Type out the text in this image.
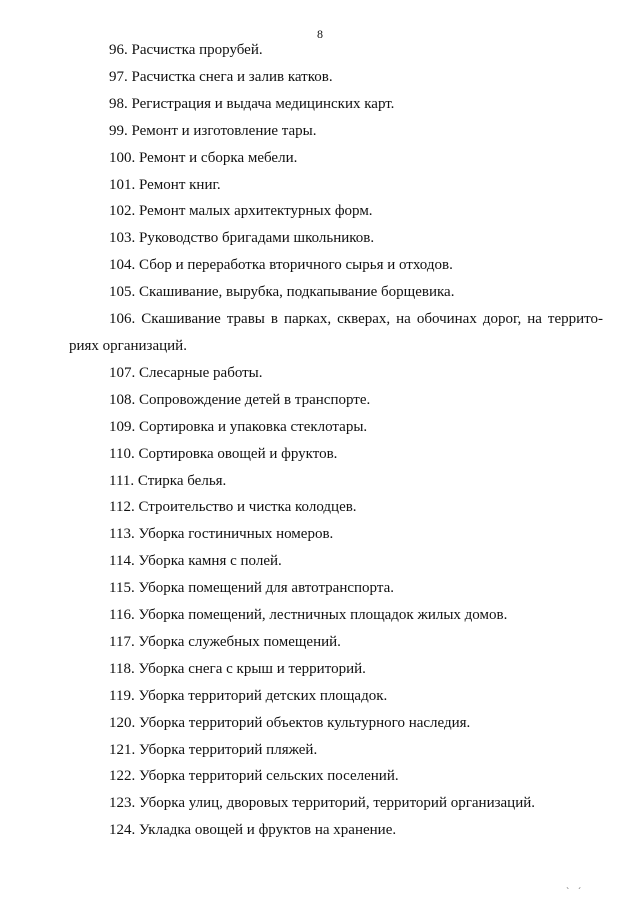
8
96. Расчистка прорубей.
97. Расчистка снега и залив катков.
98. Регистрация и выдача медицинских карт.
99. Ремонт и изготовление тары.
100. Ремонт и сборка мебели.
101. Ремонт книг.
102. Ремонт малых архитектурных форм.
103. Руководство бригадами школьников.
104. Сбор и переработка вторичного сырья и отходов.
105. Скашивание, вырубка, подкапывание борщевика.
106. Скашивание травы в парках, скверах, на обочинах дорог, на террито-риях организаций.
107. Слесарные работы.
108. Сопровождение детей в транспорте.
109. Сортировка и упаковка стеклотары.
110. Сортировка овощей и фруктов.
111. Стирка белья.
112. Строительство и чистка колодцев.
113. Уборка гостиничных номеров.
114. Уборка камня с полей.
115. Уборка помещений для автотранспорта.
116. Уборка помещений, лестничных площадок жилых домов.
117. Уборка служебных помещений.
118. Уборка снега с крыш и территорий.
119. Уборка территорий детских площадок.
120. Уборка территорий объектов культурного наследия.
121. Уборка территорий пляжей.
122. Уборка территорий сельских поселений.
123. Уборка улиц, дворовых территорий, территорий организаций.
124. Укладка овощей и фруктов на хранение.
` ´
